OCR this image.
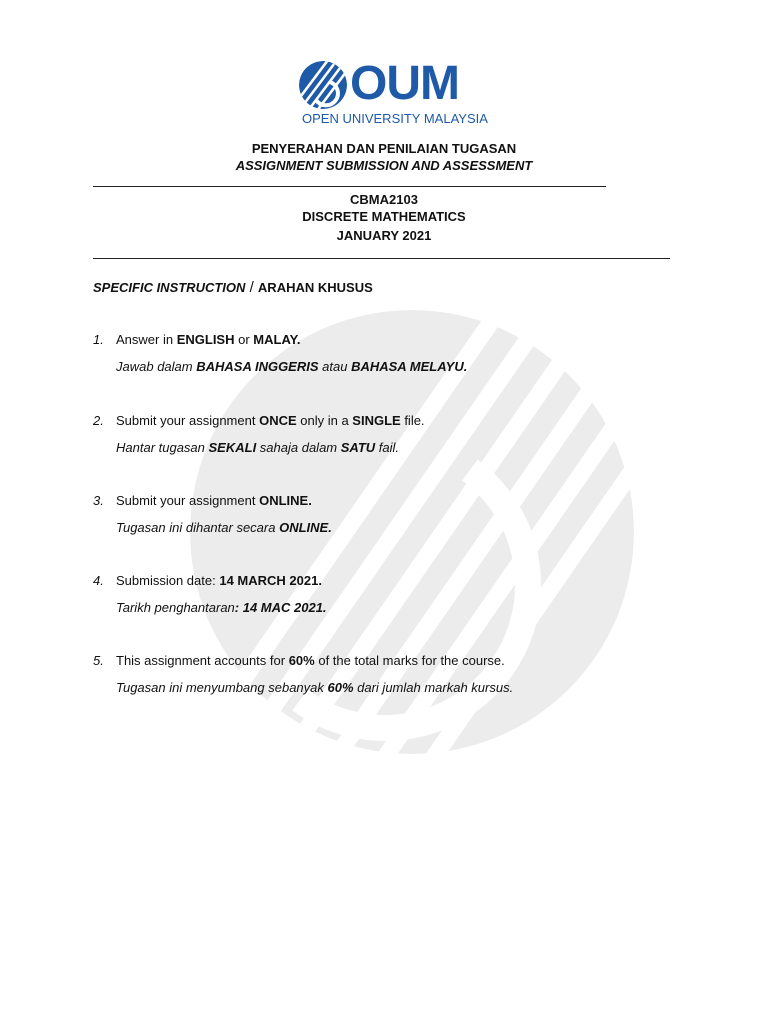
OUM
OPEN UNIVERSITY MALAYSIA
PENYERAHAN DAN PENILAIAN TUGASAN
ASSIGNMENT SUBMISSION AND ASSESSMENT
CBMA2103
DISCRETE MATHEMATICS
JANUARY 2021
SPECIFIC INSTRUCTION / ARAHAN KHUSUS
1. Answer in ENGLISH or MALAY.
Jawab dalam BAHASA INGGERIS atau BAHASA MELAYU.
2. Submit your assignment ONCE only in a SINGLE file.
Hantar tugasan SEKALI sahaja dalam SATU fail.
3. Submit your assignment ONLINE.
Tugasan ini dihantar secara ONLINE.
4. Submission date: 14 MARCH 2021.
Tarikh penghantaran: 14 MAC 2021.
5. This assignment accounts for 60% of the total marks for the course.
Tugasan ini menyumbang sebanyak 60% dari jumlah markah kursus.
